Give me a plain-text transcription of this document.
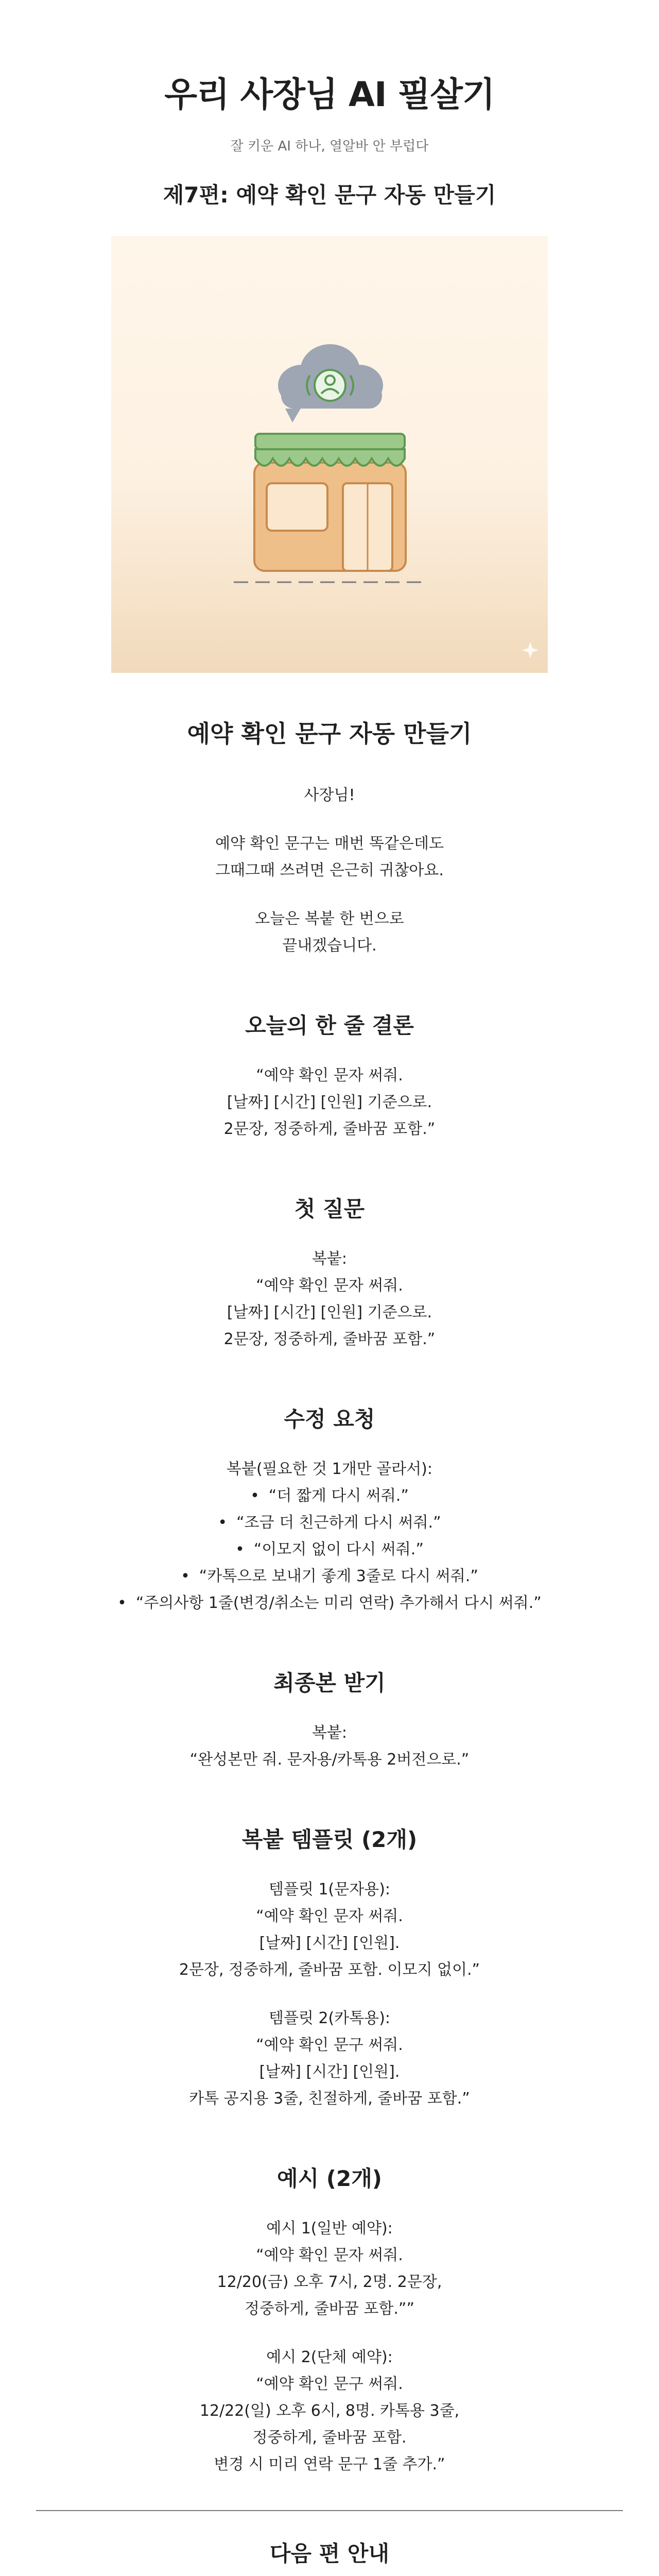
우리 사장님 AI 필살기
잘 키운 AI 하나, 열알바 안 부럽다
제7편: 예약 확인 문구 자동 만들기
예약 확인 문구 자동 만들기

사장님!

예약 확인 문구는 매번 똑같은데도

그때그때 쓰려면 은근히 귀찮아요.

오늘은 복붙 한 번으로

끝내겠습니다.

오늘의 한 줄 결론

“예약 확인 문자 써줘.

[날짜] [시간] [인원] 기준으로.

2문장, 정중하게, 줄바꿈 포함.”

첫 질문

복붙:

“예약 확인 문자 써줘.

[날짜] [시간] [인원] 기준으로.

2문장, 정중하게, 줄바꿈 포함.”

수정 요청

복붙(필요한 것 1개만 골라서):

• “더 짧게 다시 써줘.”
• “조금 더 친근하게 다시 써줘.”
• “이모지 없이 다시 써줘.”
• “카톡으로 보내기 좋게 3줄로 다시 써줘.”
• “주의사항 1줄(변경/취소는 미리 연락) 추가해서 다시 써줘.”
최종본 받기

복붙:

“완성본만 줘. 문자용/카톡용 2버전으로.”

복붙 템플릿 (2개)

템플릿 1(문자용):

“예약 확인 문자 써줘.

[날짜] [시간] [인원].

2문장, 정중하게, 줄바꿈 포함. 이모지 없이.”

템플릿 2(카톡용):

“예약 확인 문구 써줘.

[날짜] [시간] [인원].

카톡 공지용 3줄, 친절하게, 줄바꿈 포함.”

예시 (2개)

예시 1(일반 예약):

“예약 확인 문자 써줘.

12/20(금) 오후 7시, 2명. 2문장,

정중하게, 줄바꿈 포함.””

예시 2(단체 예약):

“예약 확인 문구 써줘.

12/22(일) 오후 6시, 8명. 카톡용 3줄,

정중하게, 줄바꿈 포함.

변경 시 미리 연락 문구 1줄 추가.”

다음 편 안내
